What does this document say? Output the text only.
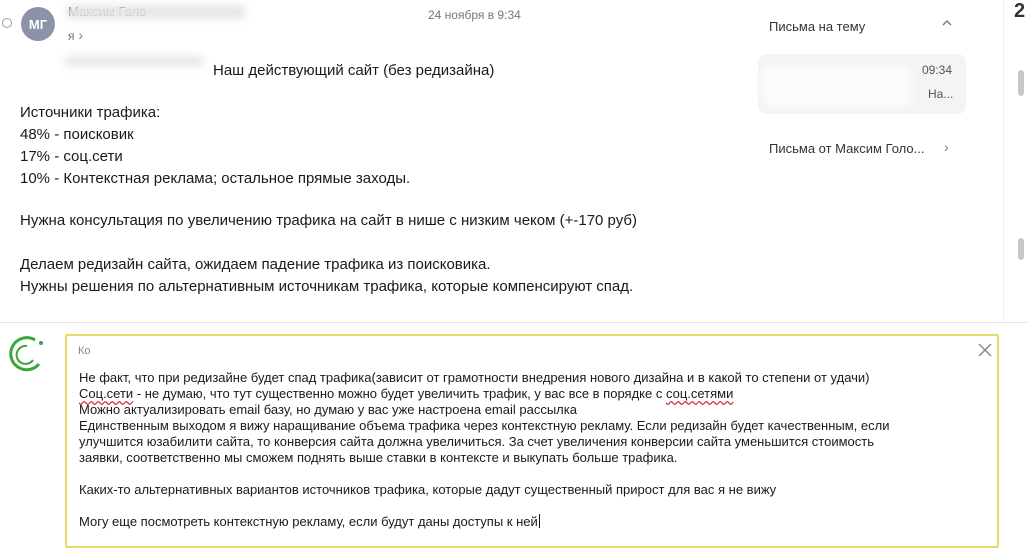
МГ
я ›
24 ноября в 9:34
Наш действующий сайт (без редизайна)
Источники трафика:
48% - поисковик
17% - соц.сети
10% - Контекстная реклама; остальное прямые заходы.
Нужна консультация по увеличению трафика на сайт в нише с низким чеком (+-170 руб)
Делаем редизайн сайта, ожидаем падение трафика из поисковика.
Нужны решения по альтернативным источникам трафика, которые компенсируют спад.
Письма на тему
09:34
На...
Письма от Максим Голо... ›
2
Ко
Не факт, что при редизайне будет спад трафика(зависит от грамотности внедрения нового дизайна и в какой то степени от удачи)
Соц.сети - не думаю, что тут существенно можно будет увеличить трафик, у вас все в порядке с соц.сетями
Можно актуализировать email базу, но думаю у вас уже настроена email рассылка
Единственным выходом я вижу наращивание объема трафика через контекстную рекламу. Если редизайн будет качественным, если
улучшится юзабилити сайта, то конверсия сайта должна увеличиться. За счет увеличения конверсии сайта уменьшится стоимость
заявки, соответственно мы сможем поднять выше ставки в контексте и выкупать больше трафика.
Каких-то альтернативных вариантов источников трафика, которые дадут существенный прирост для вас я не вижу
Могу еще посмотреть контекстную рекламу, если будут даны доступы к ней
